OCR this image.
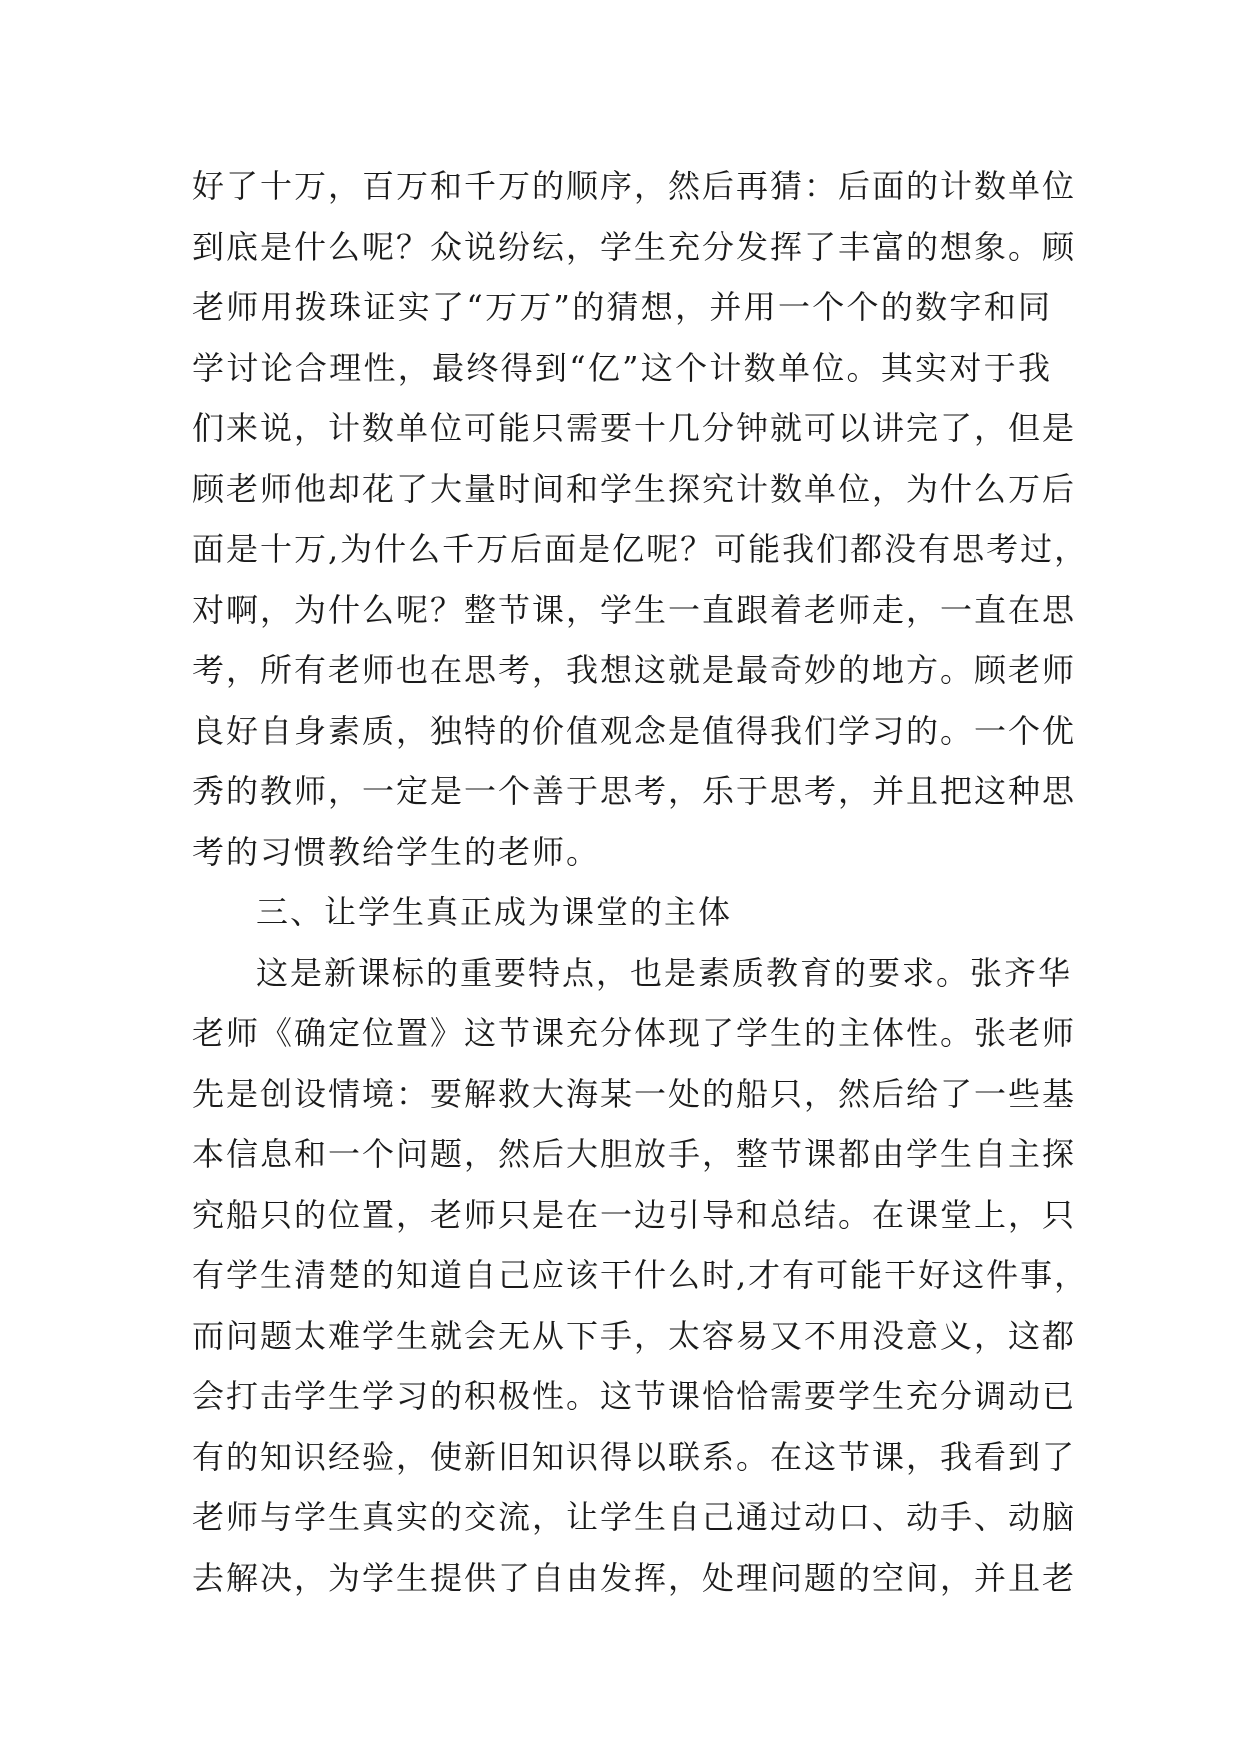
好了十万，百万和千万的顺序，然后再猜：后面的计数单位
到底是什么呢？众说纷纭，学生充分发挥了丰富的想象。顾
老师用拨珠证实了“万万”的猜想，并用一个个的数字和同
学讨论合理性，最终得到“亿”这个计数单位。其实对于我
们来说，计数单位可能只需要十几分钟就可以讲完了，但是
顾老师他却花了大量时间和学生探究计数单位，为什么万后
面是十万,为什么千万后面是亿呢？可能我们都没有思考过，
对啊，为什么呢？整节课，学生一直跟着老师走，一直在思
考，所有老师也在思考，我想这就是最奇妙的地方。顾老师
良好自身素质，独特的价值观念是值得我们学习的。一个优
秀的教师，一定是一个善于思考，乐于思考，并且把这种思
考的习惯教给学生的老师。
三、让学生真正成为课堂的主体
这是新课标的重要特点，也是素质教育的要求。张齐华
老师《确定位置》这节课充分体现了学生的主体性。张老师
先是创设情境：要解救大海某一处的船只，然后给了一些基
本信息和一个问题，然后大胆放手，整节课都由学生自主探
究船只的位置，老师只是在一边引导和总结。在课堂上，只
有学生清楚的知道自己应该干什么时,才有可能干好这件事，
而问题太难学生就会无从下手，太容易又不用没意义，这都
会打击学生学习的积极性。这节课恰恰需要学生充分调动已
有的知识经验，使新旧知识得以联系。在这节课，我看到了
老师与学生真实的交流，让学生自己通过动口、动手、动脑
去解决，为学生提供了自由发挥，处理问题的空间，并且老
